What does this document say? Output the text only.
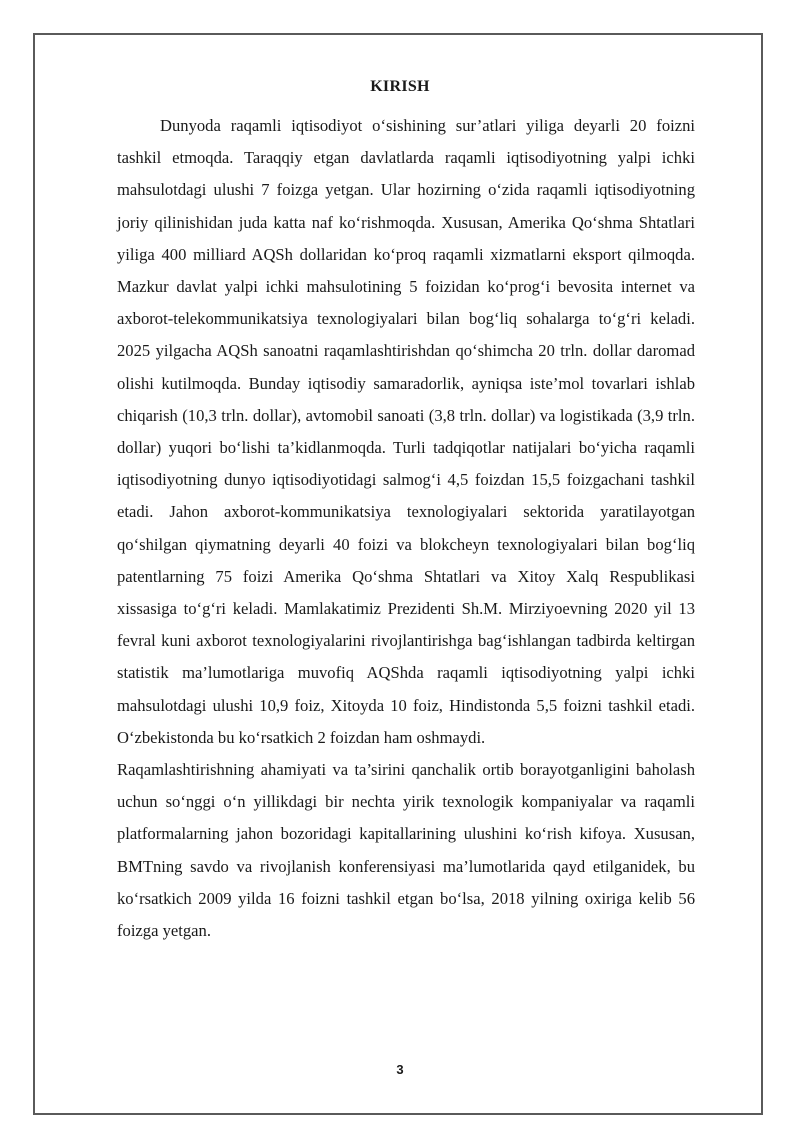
KIRISH

Dunyoda raqamli iqtisodiyot o‘sishining sur’atlari yiliga deyarli 20 foizni tashkil etmoqda. Taraqqiy etgan davlatlarda raqamli iqtisodiyotning yalpi ichki mahsulotdagi ulushi 7 foizga yetgan. Ular hozirning o‘zida raqamli iqtisodiyotning joriy qilinishidan juda katta naf ko‘rishmoqda. Xususan, Amerika Qo‘shma Shtatlari yiliga 400 milliard AQSh dollaridan ko‘proq raqamli xizmatlarni eksport qilmoqda. Mazkur davlat yalpi ichki mahsulotining 5 foizidan ko‘prog‘i bevosita internet va axborot-telekommunikatsiya texnologiyalari bilan bog‘liq sohalarga to‘g‘ri keladi. 2025 yilgacha AQSh sanoatni raqamlashtirishdan qo‘shimcha 20 trln. dollar daromad olishi kutilmoqda. Bunday iqtisodiy samaradorlik, ayniqsa iste’mol tovarlari ishlab chiqarish (10,3 trln. dollar), avtomobil sanoati (3,8 trln. dollar) va logistikada (3,9 trln. dollar) yuqori bo‘lishi ta’kidlanmoqda. Turli tadqiqotlar natijalari bo‘yicha raqamli iqtisodiyotning dunyo iqtisodiyotidagi salmog‘i 4,5 foizdan 15,5 foizgachani tashkil etadi. Jahon axborot-kommunikatsiya texnologiyalari sektorida yaratilayotgan qo‘shilgan qiymatning deyarli 40 foizi va blokcheyn texnologiyalari bilan bog‘liq patentlarning 75 foizi Amerika Qo‘shma Shtatlari va Xitoy Xalq Respublikasi xissasiga to‘g‘ri keladi. Mamlakatimiz Prezidenti Sh.M. Mirziyoevning 2020 yil 13 fevral kuni axborot texnologiyalarini rivojlantirishga bag‘ishlangan tadbirda keltirgan statistik ma’lumotlariga muvofiq AQShda raqamli iqtisodiyotning yalpi ichki mahsulotdagi ulushi 10,9 foiz, Xitoyda 10 foiz, Hindistonda 5,5 foizni tashkil etadi. O‘zbekistonda bu ko‘rsatkich 2 foizdan ham oshmaydi.

Raqamlashtirishning ahamiyati va ta’sirini qanchalik ortib borayotganligini baholash uchun so‘nggi o‘n yillikdagi bir nechta yirik texnologik kompaniyalar va raqamli platformalarning jahon bozoridagi kapitallarining ulushini ko‘rish kifoya. Xususan, BMTning savdo va rivojlanish konferensiyasi ma’lumotlarida qayd etilganidek, bu ko‘rsatkich 2009 yilda 16 foizni tashkil etgan bo‘lsa, 2018 yilning oxiriga kelib 56 foizga yetgan.

3
